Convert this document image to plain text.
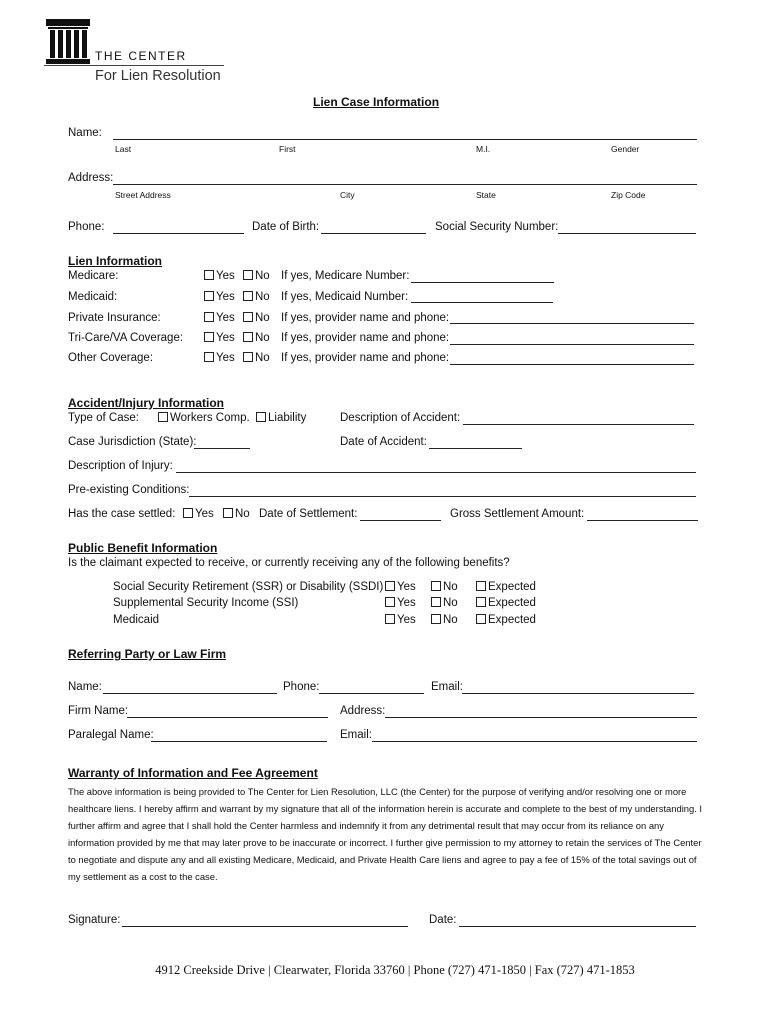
THE CENTER
For Lien Resolution
Lien Case Information
Name:
Last	First	M.I.	Gender
Address:
Street Address	City	State	Zip Code
Phone:	Date of Birth:	Social Security Number:
Lien Information
Medicare:	Yes	No If yes, Medicare Number:
Medicaid:	Yes	No If yes, Medicaid Number:
Private Insurance:	Yes	No If yes, provider name and phone:
Tri-Care/VA Coverage:	Yes	No If yes, provider name and phone:
Other Coverage:	Yes	No If yes, provider name and phone:
Accident/Injury Information
Type of Case:	Workers Comp.	Liability	Description of Accident:
Case Jurisdiction (State):	Date of Accident:
Description of Injury:
Pre-existing Conditions:
Has the case settled:	Yes	No Date of Settlement:	Gross Settlement Amount:
Public Benefit Information
Is the claimant expected to receive, or currently receiving any of the following benefits?
Social Security Retirement (SSR) or Disability (SSDI)	Yes	No	Expected
Supplemental Security Income (SSI)	Yes	No	Expected
Medicaid	Yes	No	Expected
Referring Party or Law Firm
Name:	Phone:	Email:
Firm Name:	Address:
Paralegal Name:	Email:
Warranty of Information and Fee Agreement
The above information is being provided to The Center for Lien Resolution, LLC (the Center) for the purpose of verifying and/or resolving one or more healthcare liens. I hereby affirm and warrant by my signature that all of the information herein is accurate and complete to the best of my understanding. I further affirm and agree that I shall hold the Center harmless and indemnify it from any detrimental result that may occur from its reliance on any information provided by me that may later prove to be inaccurate or incorrect. I further give permission to my attorney to retain the services of The Center to negotiate and dispute any and all existing Medicare, Medicaid, and Private Health Care liens and agree to pay a fee of 15% of the total savings out of my settlement as a cost to the case.
Signature:	Date:
4912 Creekside Drive | Clearwater, Florida 33760 | Phone (727) 471-1850 | Fax (727) 471-1853
